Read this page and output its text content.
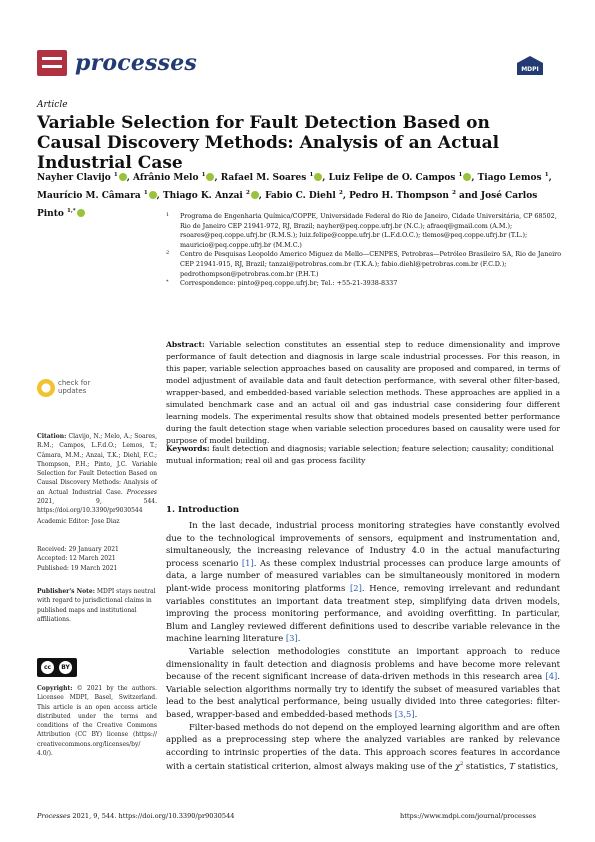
processes	MDPI
Article
Variable Selection for Fault Detection Based on Causal Discovery Methods: Analysis of an Actual Industrial Case
Nayher Clavijo $^1$ , Afrânio Melo $^1$ , Rafael M. Soares $^1$ , Luiz Felipe de O. Campos $^1$ , Tiago Lemos $^1$, Maurício M. Câmara $^1$ , Thiago K. Anzai $^2$ , Fabio C. Diehl $^2$, Pedro H. Thompson $^2$ and José Carlos Pinto $^{1,*}$
1 Programa de Engenharia Química/COPPE, Universidade Federal do Rio de Janeiro, Cidade Universitária, CP 68502, Rio de Janeiro CEP 21941-972, RJ, Brazil; nayher@peq.coppe.ufrj.br (N.C.); afraeq@gmail.com (A.M.); rsoares@peq.coppe.ufrj.br (R.M.S.); luiz.felipe@coppe.ufrj.br (L.F.d.O.C.); tlemos@peq.coppe.ufrj.br (T.L.); mauricio@peq.coppe.ufrj.br (M.M.C.)
2 Centro de Pesquisas Leopoldo Americo Miguez de Mello—CENPES, Petrobras—Petróleo Brasileiro SA, Rio de Janeiro CEP 21941-915, RJ, Brazil; tanzai@petrobras.com.br (T.K.A.); fabio.diehl@petrobras.com.br (F.C.D.); pedrothompson@petrobras.com.br (P.H.T.)
* Correspondence: pinto@peq.coppe.ufrj.br; Tel.: +55-21-3938-8337
Abstract: Variable selection constitutes an essential step to reduce dimensionality and improve performance of fault detection and diagnosis in large scale industrial processes. For this reason, in this paper, variable selection approaches based on causality are proposed and compared, in terms of model adjustment of available data and fault detection performance, with several other filter-based, wrapper-based, and embedded-based variable selection methods. These approaches are applied in a simulated benchmark case and an actual oil and gas industrial case considering four different learning models. The experimental results show that obtained models presented better performance during the fault detection stage when variable selection procedures based on causality were used for purpose of model building.
Keywords: fault detection and diagnosis; variable selection; feature selection; causality; conditional mutual information; real oil and gas process facility
check for updates
Citation: Clavijo, N.; Melo, A.; Soares, R.M.; Campos, L.F.d.O.; Lemos, T.; Câmara, M.M.; Anzai, T.K.; Diehl, F.C.; Thompson, P.H.; Pinto, J.C. Variable Selection for Fault Detection Based on Causal Discovery Methods: Analysis of an Actual Industrial Case. Processes 2021, 9, 544. https://doi.org/10.3390/pr9030544
Academic Editor: Jose Diaz
Received: 29 January 2021
Accepted: 12 March 2021
Published: 19 March 2021
Publisher's Note: MDPI stays neutral with regard to jurisdictional claims in published maps and institutional affiliations.
cc	BY
Copyright: © 2021 by the authors. Licensee MDPI, Basel, Switzerland. This article is an open access article distributed under the terms and conditions of the Creative Commons Attribution (CC BY) license (https:// creativecommons.org/licenses/by/ 4.0/).
1. Introduction

In the last decade, industrial process monitoring strategies have constantly evolved due to the technological improvements of sensors, equipment and instrumentation and, simultaneously, the increasing relevance of Industry 4.0 in the actual manufacturing process scenario [1]. As these complex industrial processes can produce large amounts of data, a large number of measured variables can be simultaneously monitored in modern plant-wide process monitoring platforms [2]. Hence, removing irrelevant and redundant variables constitutes an important data treatment step, simplifying data driven models, improving the process monitoring performance, and avoiding overfitting. In particular, Blum and Langley reviewed different definitions used to describe variable relevance in the machine learning literature [3].

Variable selection methodologies constitute an important approach to reduce dimensionality in fault detection and diagnosis problems and have become more relevant because of the recent significant increase of data-driven methods in this research area [4]. Variable selection algorithms normally try to identify the subset of measured variables that lead to the best analytical performance, being usually divided into three categories: filter-based, wrapper-based and embedded-based methods [3,5].

Filter-based methods do not depend on the employed learning algorithm and are often applied as a preprocessing step where the analyzed variables are ranked by relevance according to intrinsic properties of the data. This approach scores features in accordance with a certain statistical criterion, almost always making use of the $\chi^2$ statistics, T statistics,

Processes 2021, 9, 544. https://doi.org/10.3390/pr9030544	https://www.mdpi.com/journal/processes
